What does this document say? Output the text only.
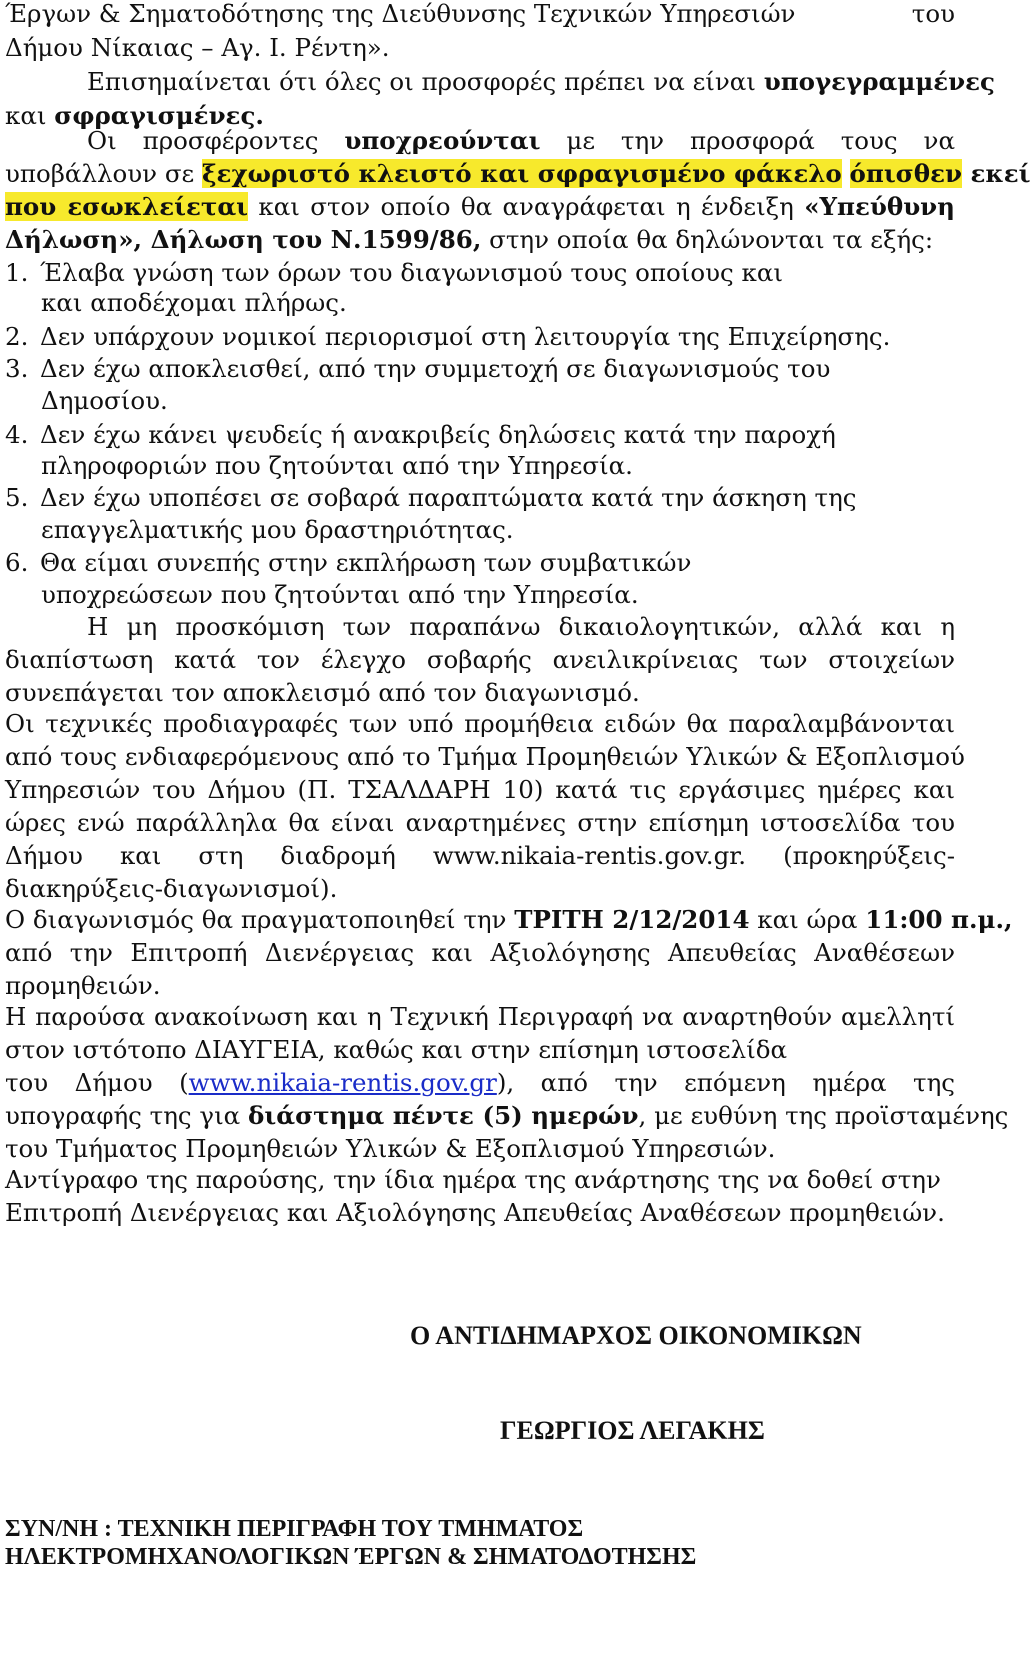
Έργων & Σηματοδότησης της Διεύθυνσης Τεχνικών Υπηρεσιών	του
Δήμου Νίκαιας – Αγ. Ι. Ρέντη».
Επισημαίνεται ότι όλες οι προσφορές πρέπει να είναι υπογεγραμμένες
και σφραγισμένες.
Οι προσφέροντες υποχρεούνται με την προσφορά τους να
υποβάλλουν σε ξεχωριστό κλειστό και σφραγισμένο φάκελο όπισθεν εκεί
που εσωκλείεται και στον οποίο θα αναγράφεται η ένδειξη «Υπεύθυνη
Δήλωση», Δήλωση του Ν.1599/86, στην οποία θα δηλώνονται τα εξής:
1. Έλαβα γνώση των όρων του διαγωνισμού τους οποίους και
και αποδέχομαι πλήρως.
2. Δεν υπάρχουν νομικοί περιορισμοί στη λειτουργία της Επιχείρησης.
3. Δεν έχω αποκλεισθεί, από την συμμετοχή σε διαγωνισμούς του
Δημοσίου.
4. Δεν έχω κάνει ψευδείς ή ανακριβείς δηλώσεις κατά την παροχή
πληροφοριών που ζητούνται από την Υπηρεσία.
5. Δεν έχω υποπέσει σε σοβαρά παραπτώματα κατά την άσκηση της
επαγγελματικής μου δραστηριότητας.
6. Θα είμαι συνεπής στην εκπλήρωση των συμβατικών
υποχρεώσεων που ζητούνται από την Υπηρεσία.
Η μη προσκόμιση των παραπάνω δικαιολογητικών, αλλά και η
διαπίστωση κατά τον έλεγχο σοβαρής ανειλικρίνειας των στοιχείων
συνεπάγεται τον αποκλεισμό από τον διαγωνισμό.
Οι τεχνικές προδιαγραφές των υπό προμήθεια ειδών θα παραλαμβάνονται
από τους ενδιαφερόμενους από το Τμήμα Προμηθειών Υλικών & Εξοπλισμού
Υπηρεσιών του Δήμου (Π. ΤΣΑΛΔΑΡΗ 10) κατά τις εργάσιμες ημέρες και
ώρες ενώ παράλληλα θα είναι αναρτημένες στην επίσημη ιστοσελίδα του
Δήμου και στη διαδρομή www.nikaia-rentis.gov.gr. (προκηρύξεις-
διακηρύξεις-διαγωνισμοί).
Ο διαγωνισμός θα πραγματοποιηθεί την ΤΡΙΤΗ 2/12/2014 και ώρα 11:00 π.μ.,
από την Επιτροπή Διενέργειας και Αξιολόγησης Απευθείας Αναθέσεων
προμηθειών.
Η παρούσα ανακοίνωση και η Τεχνική Περιγραφή να αναρτηθούν αμελλητί
στον ιστότοπο ΔΙΑΥΓΕΙΑ, καθώς και στην επίσημη ιστοσελίδα
του Δήμου (www.nikaia-rentis.gov.gr), από την επόμενη ημέρα της
υπογραφής της για διάστημα πέντε (5) ημερών, με ευθύνη της προϊσταμένης
του Τμήματος Προμηθειών Υλικών & Εξοπλισμού Υπηρεσιών.
Αντίγραφο της παρούσης, την ίδια ημέρα της ανάρτησης της να δοθεί στην
Επιτροπή Διενέργειας και Αξιολόγησης Απευθείας Αναθέσεων προμηθειών.
Ο ΑΝΤΙΔΗΜΑΡΧΟΣ ΟΙΚΟΝΟΜΙΚΩΝ
ΓΕΩΡΓΙΟΣ ΛΕΓΑΚΗΣ
ΣΥΝ/ΝΗ : ΤΕΧΝΙΚΗ ΠΕΡΙΓΡΑΦΗ ΤΟΥ ΤΜΗΜΑΤΟΣ
ΗΛΕΚΤΡΟΜΗΧΑΝΟΛΟΓΙΚΩΝ ΈΡΓΩΝ & ΣΗΜΑΤΟΔΟΤΗΣΗΣ
